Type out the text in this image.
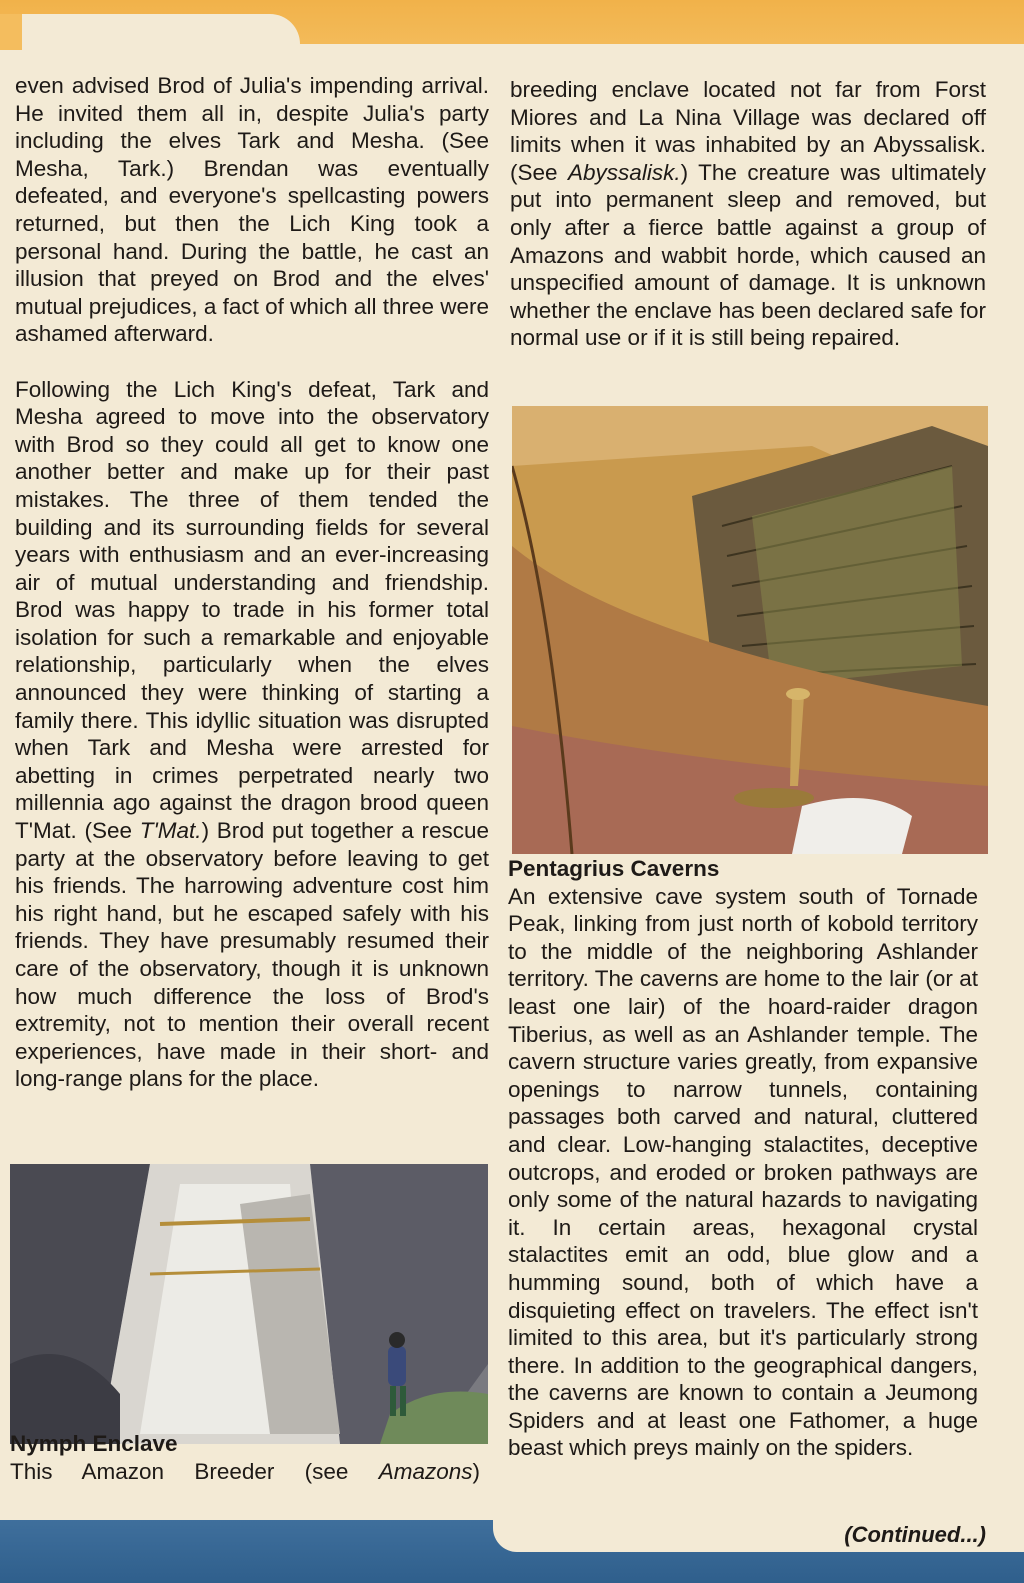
even advised Brod of Julia's impending arrival. He invited them all in, despite Julia's party including the elves Tark and Mesha. (See Mesha, Tark.) Brendan was eventually defeated, and everyone's spellcasting powers returned, but then the Lich King took a personal hand. During the battle, he cast an illusion that preyed on Brod and the elves' mutual prejudices, a fact of which all three were ashamed afterward.

Following the Lich King's defeat, Tark and Mesha agreed to move into the observatory with Brod so they could all get to know one another better and make up for their past mistakes. The three of them tended the building and its surrounding fields for several years with enthusiasm and an ever-increasing air of mutual understanding and friendship. Brod was happy to trade in his former total isolation for such a remarkable and enjoyable relationship, particularly when the elves announced they were thinking of starting a family there. This idyllic situation was disrupted when Tark and Mesha were arrested for abetting in crimes perpetrated nearly two millennia ago against the dragon brood queen T'Mat. (See T'Mat.) Brod put together a rescue party at the observatory before leaving to get his friends. The harrowing adventure cost him his right hand, but he escaped safely with his friends. They have presumably resumed their care of the observatory, though it is unknown how much difference the loss of Brod's extremity, not to mention their overall recent experiences, have made in their short- and long-range plans for the place.

Nymph Enclave

This Amazon Breeder (see Amazons)

breeding enclave located not far from Forst Miores and La Nina Village was declared off limits when it was inhabited by an Abyssalisk. (See Abyssalisk.) The creature was ultimately put into permanent sleep and removed, but only after a fierce battle against a group of Amazons and wabbit horde, which caused an unspecified amount of damage. It is unknown whether the enclave has been declared safe for normal use or if it is still being repaired.

Pentagrius Caverns

An extensive cave system south of Tornade Peak, linking from just north of kobold territory to the middle of the neighboring Ashlander territory. The caverns are home to the lair (or at least one lair) of the hoard-raider dragon Tiberius, as well as an Ashlander temple. The cavern structure varies greatly, from expansive openings to narrow tunnels, containing passages both carved and natural, cluttered and clear. Low-hanging stalactites, deceptive outcrops, and eroded or broken pathways are only some of the natural hazards to navigating it. In certain areas, hexagonal crystal stalactites emit an odd, blue glow and a humming sound, both of which have a disquieting effect on travelers. The effect isn't limited to this area, but it's particularly strong there. In addition to the geographical dangers, the caverns are known to contain a Jeumong Spiders and at least one Fathomer, a huge beast which preys mainly on the spiders.

(Continued...)
